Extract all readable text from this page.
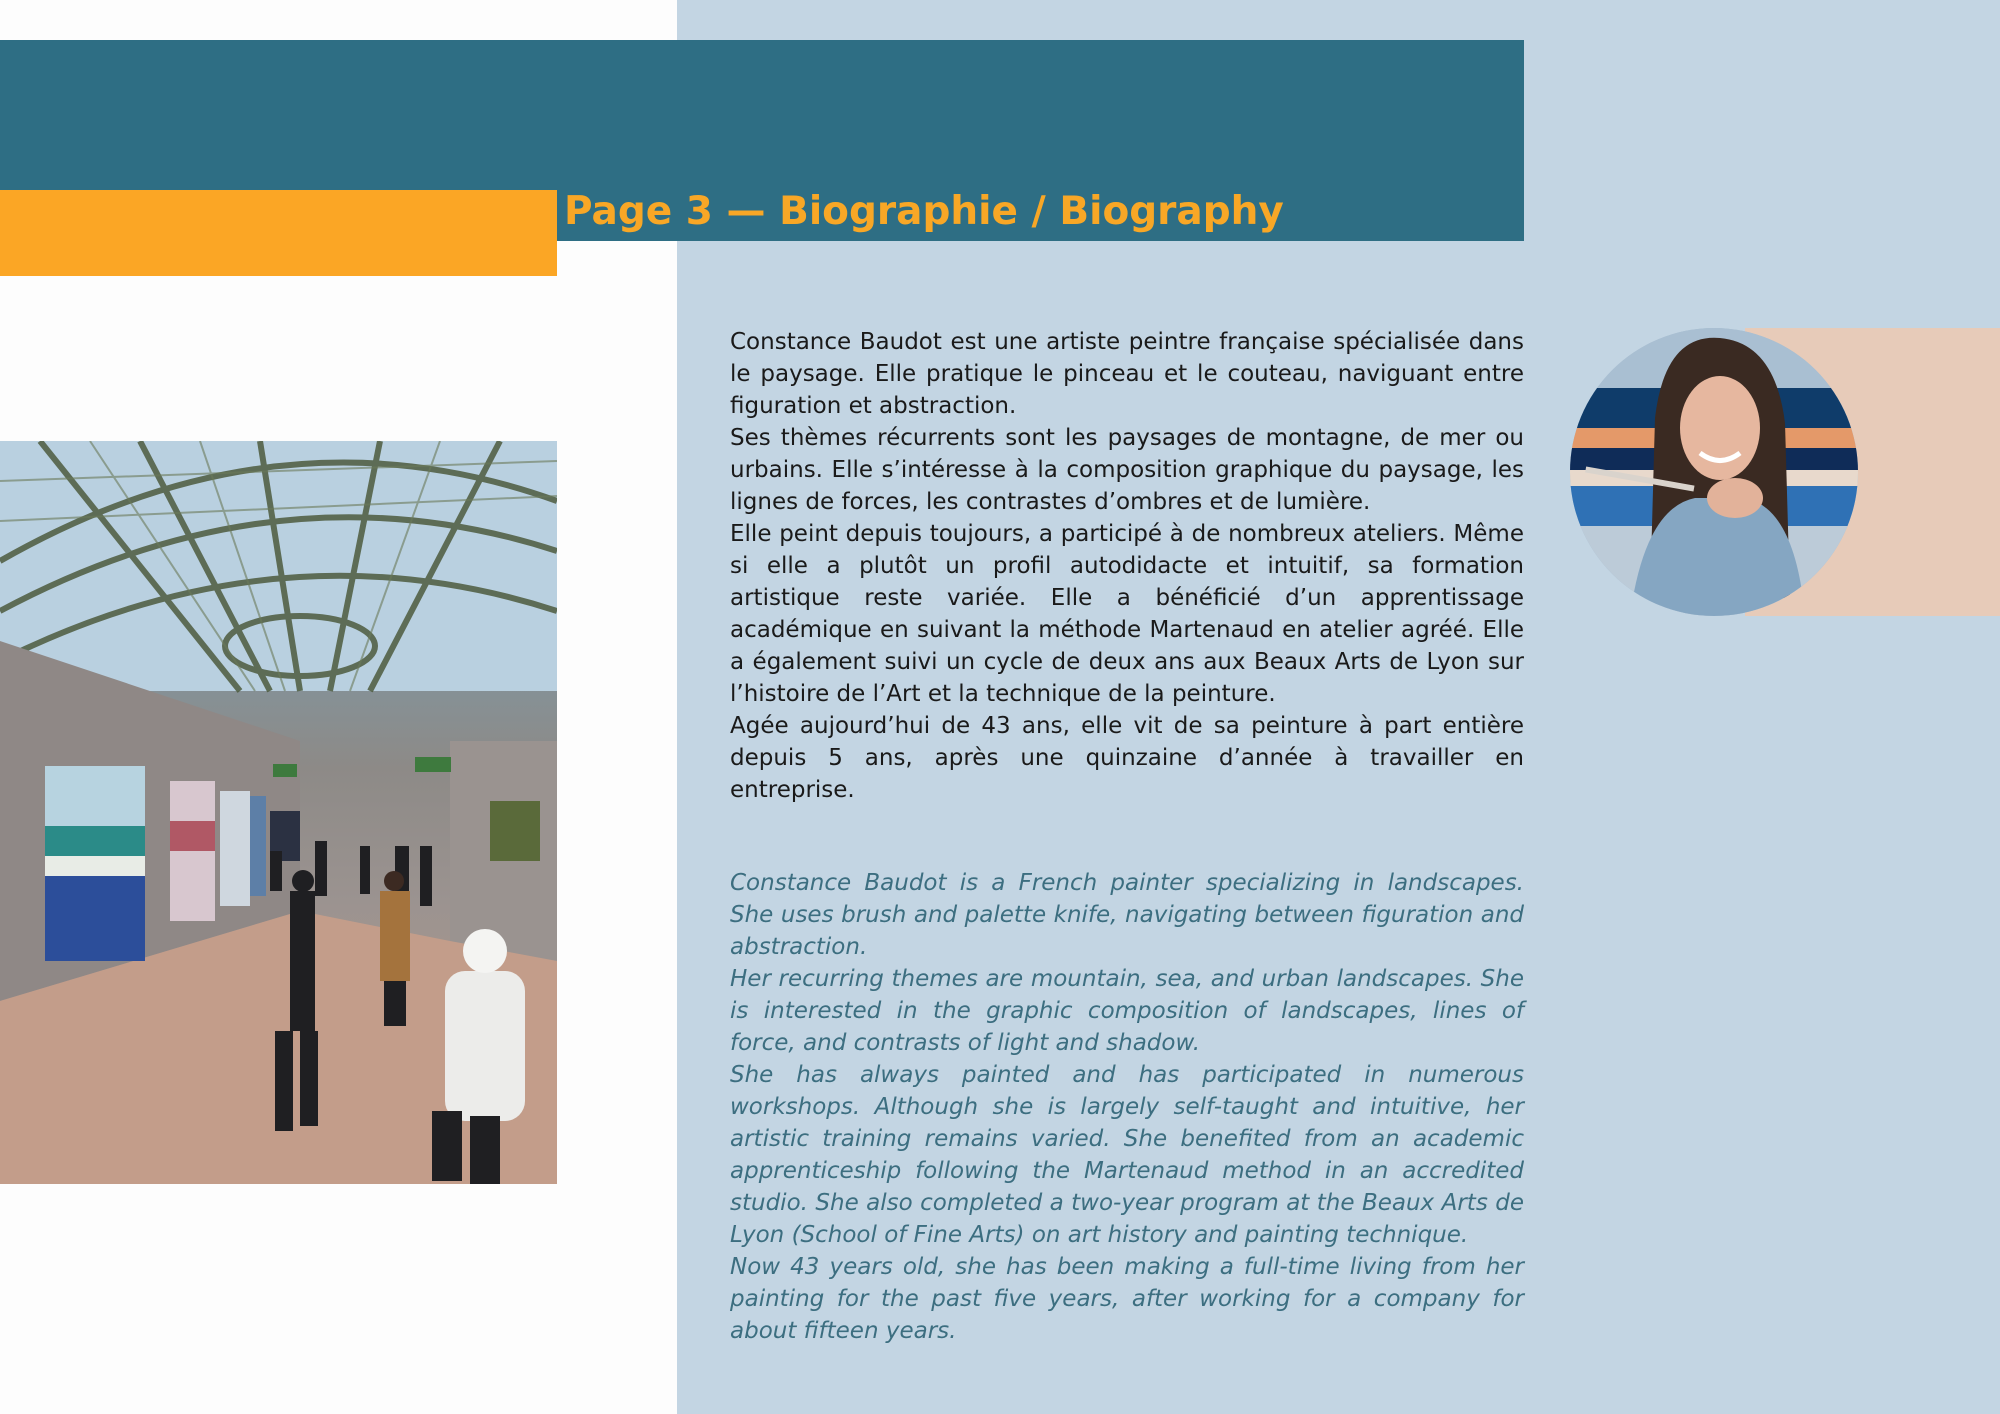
Page 3 — Biographie / Biography

Constance Baudot est une artiste peintre française spécialisée dans le paysage. Elle pratique le pinceau et le couteau, naviguant entre figuration et abstraction.

Ses thèmes récurrents sont les paysages de montagne, de mer ou urbains. Elle s’intéresse à la composition graphique du paysage, les lignes de forces, les contrastes d’ombres et de lumière.

Elle peint depuis toujours, a participé à de nombreux ateliers. Même si elle a plutôt un profil autodidacte et intuitif, sa formation artistique reste variée. Elle a bénéficié d’un apprentissage académique en suivant la méthode Martenaud en atelier agréé. Elle a également suivi un cycle de deux ans aux Beaux Arts de Lyon sur l’histoire de l’Art et la technique de la peinture.

Agée aujourd’hui de 43 ans, elle vit de sa peinture à part entière depuis 5 ans, après une quinzaine d’année à travailler en entreprise.

Constance Baudot is a French painter specializing in landscapes. She uses brush and palette knife, navigating between figuration and abstraction.

Her recurring themes are mountain, sea, and urban landscapes. She is interested in the graphic composition of landscapes, lines of force, and contrasts of light and shadow.

She has always painted and has participated in numerous workshops. Although she is largely self-taught and intuitive, her artistic training remains varied. She benefited from an academic apprenticeship following the Martenaud method in an accredited studio. She also completed a two-year program at the Beaux Arts de Lyon (School of Fine Arts) on art history and painting technique.

Now 43 years old, she has been making a full-time living from her painting for the past five years, after working for a company for about fifteen years.
